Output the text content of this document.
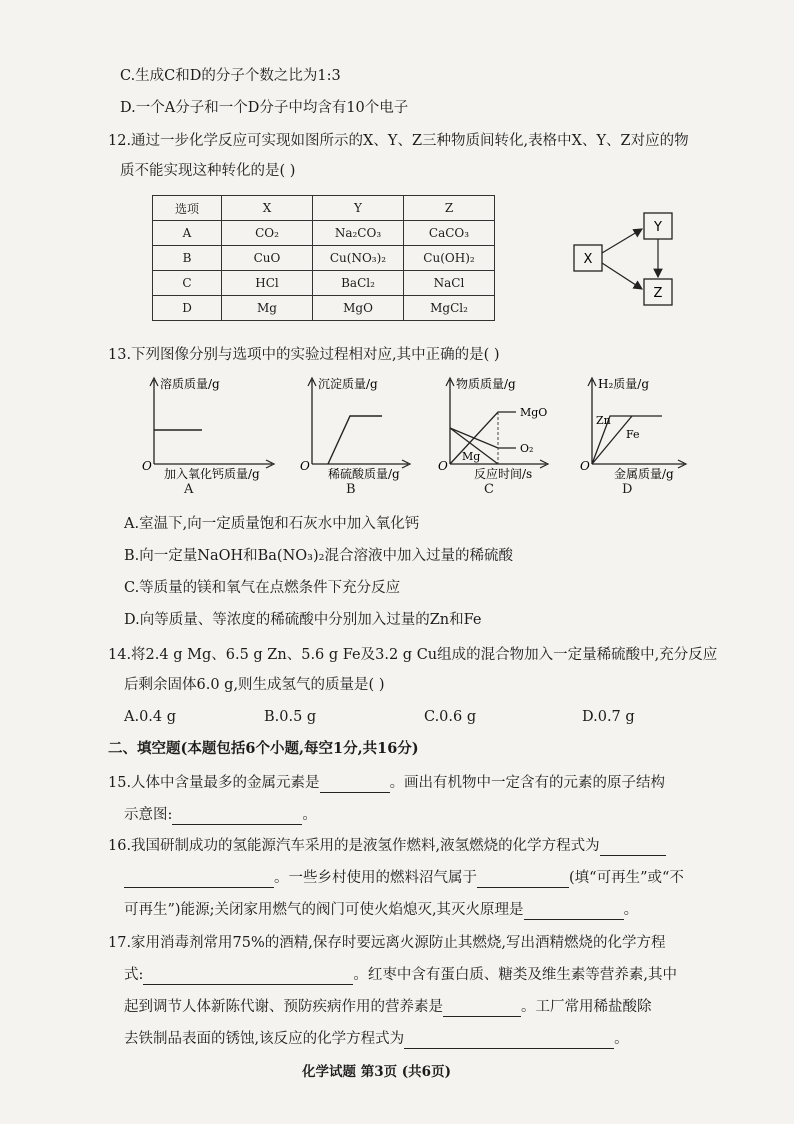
C.生成C和D的分子个数之比为1:3
D.一个A分子和一个D分子中均含有10个电子
12.通过一步化学反应可实现如图所示的X、Y、Z三种物质间转化,表格中X、Y、Z对应的物
质不能实现这种转化的是( )
选项	X	Y	Z
A	CO₂	Na₂CO₃	CaCO₃
B	CuO	Cu(NO₃)₂	Cu(OH)₂
C	HCl	BaCl₂	NaCl
D	Mg	MgO	MgCl₂
X
Y
Z
13.下列图像分别与选项中的实验过程相对应,其中正确的是( )
溶质质量/g
O
加入氧化钙质量/g
A
沉淀质量/g
O
稀硫酸质量/g
B
物质质量/g
MgO
O₂
Mg
O
反应时间/s
C
H₂质量/g
Zn
Fe
O
金属质量/g
D
A.室温下,向一定质量饱和石灰水中加入氧化钙
B.向一定量NaOH和Ba(NO₃)₂混合溶液中加入过量的稀硫酸
C.等质量的镁和氧气在点燃条件下充分反应
D.向等质量、等浓度的稀硫酸中分别加入过量的Zn和Fe
14.将2.4 g Mg、6.5 g Zn、5.6 g Fe及3.2 g Cu组成的混合物加入一定量稀硫酸中,充分反应
后剩余固体6.0 g,则生成氢气的质量是( )
A.0.4 g	B.0.5 g	C.0.6 g	D.0.7 g
二、填空题(本题包括6个小题,每空1分,共16分)
15.人体中含量最多的金属元素是	。画出有机物中一定含有的元素的原子结构
示意图:	。
16.我国研制成功的氢能源汽车采用的是液氢作燃料,液氢燃烧的化学方程式为
。一些乡村使用的燃料沼气属于	(填“可再生”或“不
可再生”)能源;关闭家用燃气的阀门可使火焰熄灭,其灭火原理是	。
17.家用消毒剂常用75%的酒精,保存时要远离火源防止其燃烧,写出酒精燃烧的化学方程
式:	。红枣中含有蛋白质、糖类及维生素等营养素,其中
起到调节人体新陈代谢、预防疾病作用的营养素是	。工厂常用稀盐酸除
去铁制品表面的锈蚀,该反应的化学方程式为	。
化学试题 第3页 (共6页)
